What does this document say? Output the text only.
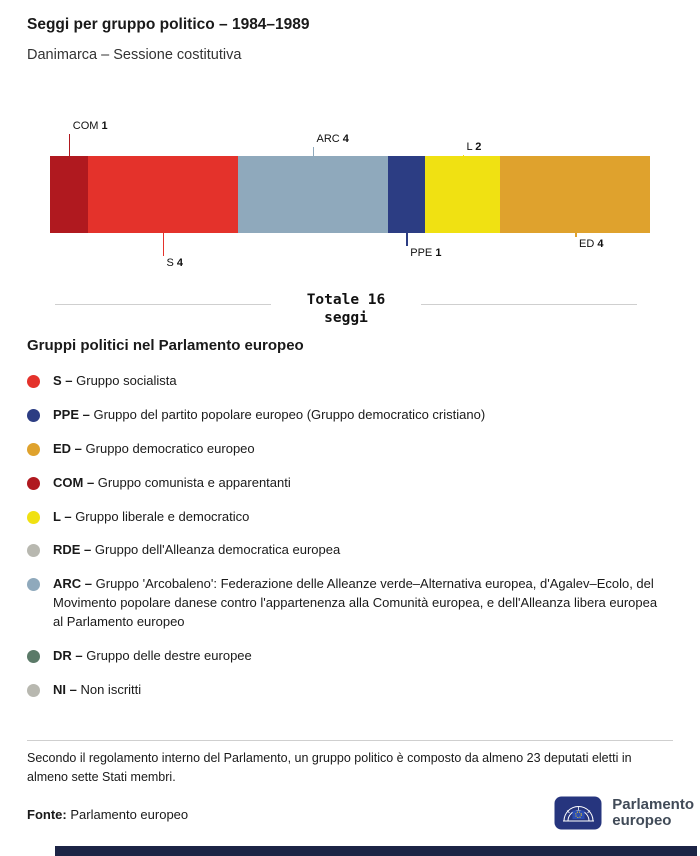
Seggi per gruppo politico – 1984–1989
Danimarca – Sessione costitutiva
COM 1
S 4
ARC 4
PPE 1
L 2
ED 4
Totale 16
seggi
Gruppi politici nel Parlamento europeo
S – Gruppo socialista
PPE – Gruppo del partito popolare europeo (Gruppo democratico cristiano)
ED – Gruppo democratico europeo
COM – Gruppo comunista e apparentanti
L – Gruppo liberale e democratico
RDE – Gruppo dell'Alleanza democratica europea
ARC – Gruppo 'Arcobaleno': Federazione delle Alleanze verde–Alternativa europea, d'Agalev–Ecolo, del Movimento popolare danese contro l'appartenenza alla Comunità europea, e dell'Alleanza libera europea al Parlamento europeo
DR – Gruppo delle destre europee
NI – Non iscritti

Secondo il regolamento interno del Parlamento, un gruppo politico è composto da almeno 23 deputati eletti in almeno sette Stati membri.

Fonte: Parlamento europeo
Parlamento
europeo
